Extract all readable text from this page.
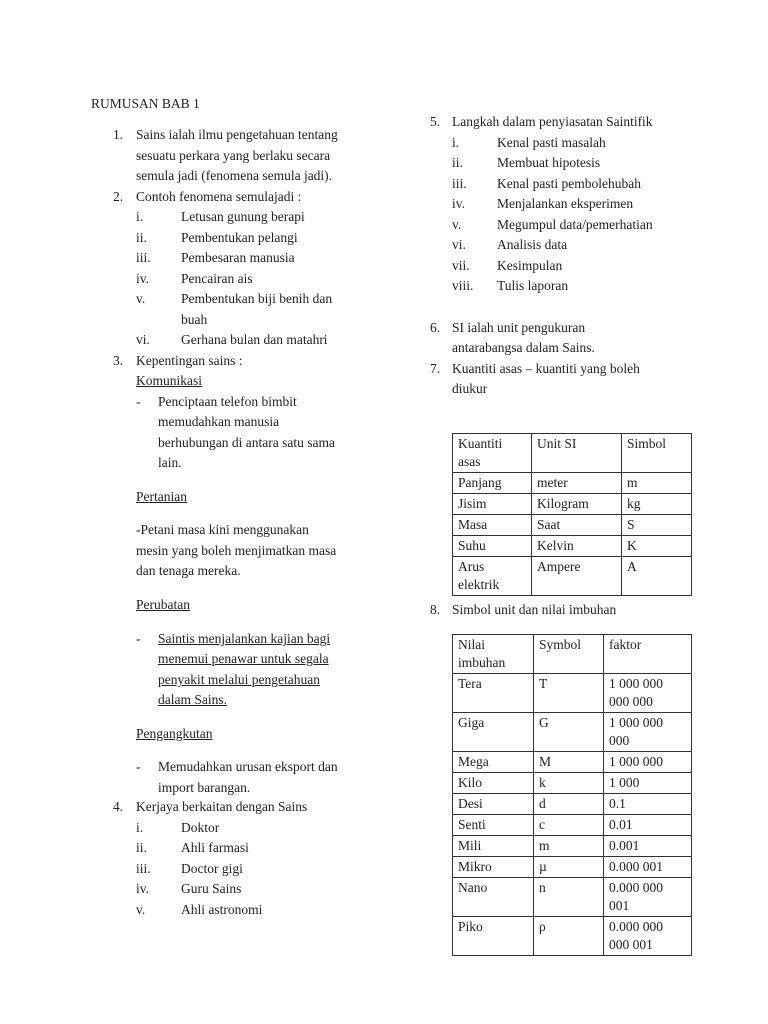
RUMUSAN BAB 1
1. Sains ialah ilmu pengetahuan tentang
sesuatu perkara yang berlaku secara
semula jadi (fenomena semula jadi).
2. Contoh fenomena semulajadi :
i.	Letusan gunung berapi
ii.	Pembentukan pelangi
iii. Pembesaran manusia
iv. Pencairan ais
v.	Pembentukan biji benih dan
buah
vi. Gerhana bulan dan matahri
3. Kepentingan sains :
Komunikasi
- Penciptaan telefon bimbit
memudahkan manusia
berhubungan di antara satu sama
lain.
Pertanian
-Petani masa kini menggunakan
mesin yang boleh menjimatkan masa
dan tenaga mereka.
Perubatan
- Saintis menjalankan kajian bagi
menemui penawar untuk segala
penyakit melalui pengetahuan
dalam Sains.
Pengangkutan
- Memudahkan urusan eksport dan
import barangan.
4. Kerjaya berkaitan dengan Sains
i.	Doktor
ii.	Ahli farmasi
iii. Doctor gigi
iv. Guru Sains
v.	Ahli astronomi
5. Langkah dalam penyiasatan Saintifik
i.	Kenal pasti masalah
ii.	Membuat hipotesis
iii. Kenal pasti pembolehubah
iv. Menjalankan eksperimen
v.	Megumpul data/pemerhatian
vi. Analisis data
vii. Kesimpulan
viii. Tulis laporan
6. SI ialah unit pengukuran
antarabangsa dalam Sains.
7. Kuantiti asas – kuantiti yang boleh
diukur
Kuantiti asas	Unit SI	Simbol
Panjang	meter	m
Jisim	Kilogram	kg
Masa	Saat	S
Suhu	Kelvin	K
Arus elektrik	Ampere	A
8. Simbol unit dan nilai imbuhan
Nilai imbuhan	Symbol	faktor
Tera	T	1 000 000 000 000
Giga	G	1 000 000 000
Mega	M	1 000 000
Kilo	k	1 000
Desi	d	0.1
Senti	c	0.01
Mili	m	0.001
Mikro	µ	0.000 001
Nano	n	0.000 000 001
Piko	ρ	0.000 000 000 001
